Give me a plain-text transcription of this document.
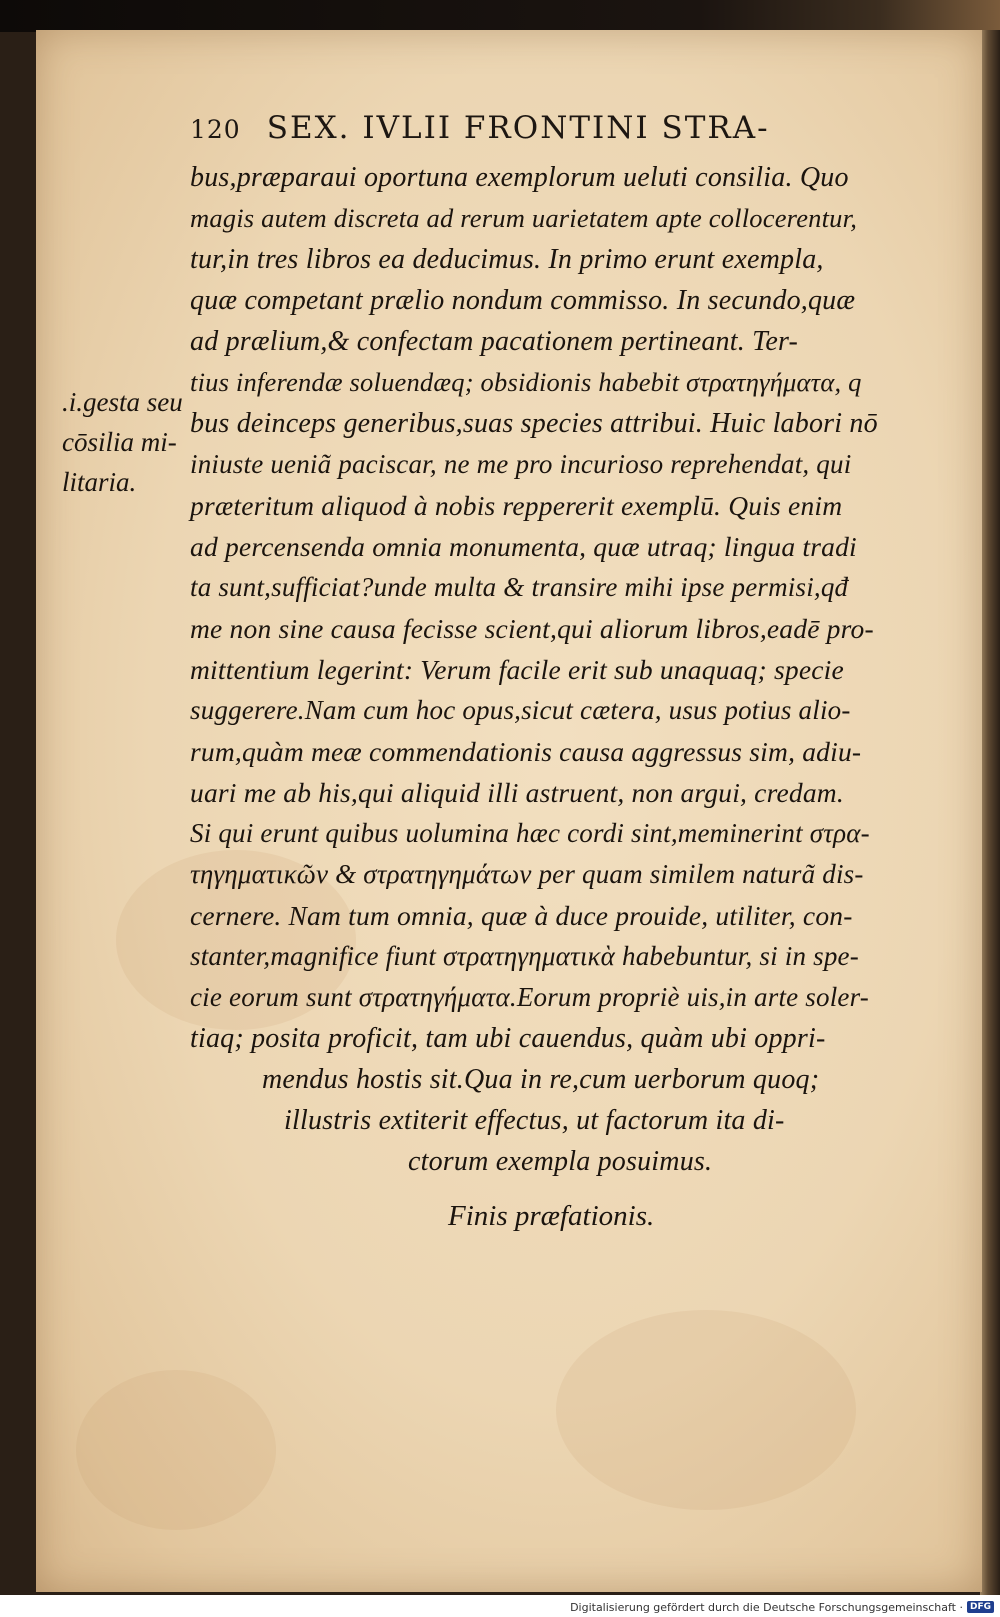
120 SEX. IVLII FRONTINI STRA-
bus,præparaui oportuna exemplorum ueluti consilia. Quo
magis autem discreta ad rerum uarietatem apte collocerentur,
tur,in tres libros ea deducimus. In primo erunt exempla,
quæ competant prælio nondum commisso. In secundo,quæ
ad prælium,& confectam pacationem pertineant. Ter-
tius inferendæ soluendæq; obsidionis habebit στρατηγήματα, q
bus deinceps generibus,suas species attribui. Huic labori nō
iniuste ueniã paciscar, ne me pro incurioso reprehendat, qui
præteritum aliquod à nobis reppererit exemplū. Quis enim
ad percensenda omnia monumenta, quæ utraq; lingua tradi
ta sunt,sufficiat?unde multa & transire mihi ipse permisi,qđ
me non sine causa fecisse scient,qui aliorum libros,eadē pro-
mittentium legerint: Verum facile erit sub unaquaq; specie
suggerere.Nam cum hoc opus,sicut cætera, usus potius alio-
rum,quàm meæ commendationis causa aggressus sim, adiu-
uari me ab his,qui aliquid illi astruent, non argui, credam.
Si qui erunt quibus uolumina hæc cordi sint,meminerint στρα-
τηγηματικῶν & στρατηγημάτων per quam similem naturã dis-
cernere. Nam tum omnia, quæ à duce prouide, utiliter, con-
stanter,magnifice fiunt στρατηγηματικὰ habebuntur, si in spe-
cie eorum sunt στρατηγήματα.Eorum propriè uis,in arte soler-
tiaq; posita proficit, tam ubi cauendus, quàm ubi oppri-
mendus hostis sit.Qua in re,cum uerborum quoq;
illustris extiterit effectus, ut factorum ita di-
ctorum exempla posuimus.
.i.gesta seu
cōsilia mi-
litaria.
Finis præfationis.
Digitalisierung gefördert durch die Deutsche Forschungsgemeinschaft · DFG
